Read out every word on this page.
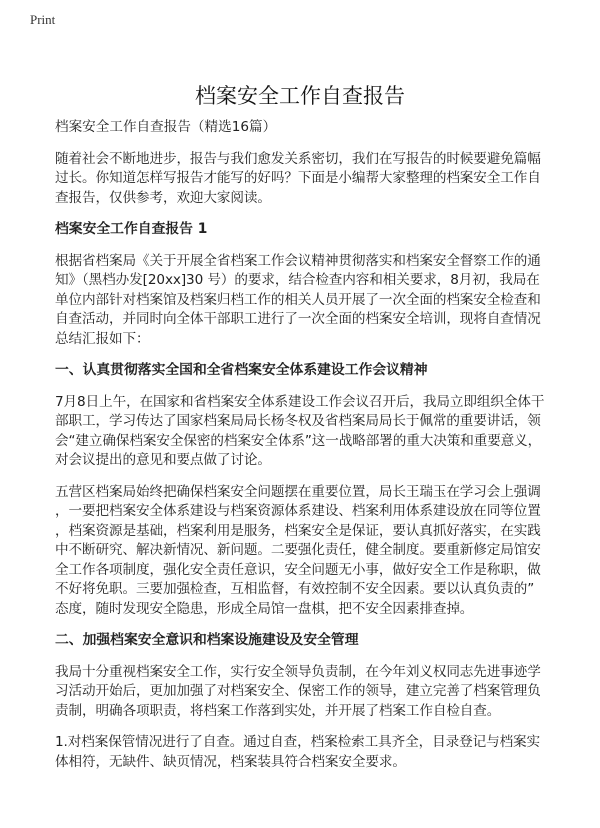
Print
档案安全工作自查报告
档案安全工作自查报告（精选16篇）
随着社会不断地进步，报告与我们愈发关系密切，我们在写报告的时候要避免篇幅
过长。你知道怎样写报告才能写的好吗？下面是小编帮大家整理的档案安全工作自
查报告，仅供参考，欢迎大家阅读。
档案安全工作自查报告 1
根据省档案局《关于开展全省档案工作会议精神贯彻落实和档案安全督察工作的通
知》（黑档办发[20xx]30 号）的要求，结合检查内容和相关要求，8月初，我局在
单位内部针对档案馆及档案归档工作的相关人员开展了一次全面的档案安全检查和
自查活动，并同时向全体干部职工进行了一次全面的档案安全培训，现将自查情况
总结汇报如下：
一、认真贯彻落实全国和全省档案安全体系建设工作会议精神
7月8日上午，在国家和省档案安全体系建设工作会议召开后，我局立即组织全体干
部职工，学习传达了国家档案局局长杨冬权及省档案局局长于佩常的重要讲话，领
会“建立确保档案安全保密的档案安全体系”这一战略部署的重大决策和重要意义，
对会议提出的意见和要点做了讨论。
五营区档案局始终把确保档案安全问题摆在重要位置，局长王瑞玉在学习会上强调
，一要把档案安全体系建设与档案资源体系建设、档案利用体系建设放在同等位置
，档案资源是基础，档案利用是服务，档案安全是保证，要认真抓好落实，在实践
中不断研究、解决新情况、新问题。二要强化责任，健全制度。要重新修定局馆安
全工作各项制度，强化安全责任意识，安全问题无小事，做好安全工作是称职，做
不好将免职。三要加强检查，互相监督，有效控制不安全因素。要以认真负责的”
态度，随时发现安全隐患，形成全局馆一盘棋，把不安全因素排查掉。
二、加强档案安全意识和档案设施建设及安全管理
我局十分重视档案安全工作，实行安全领导负责制，在今年刘义权同志先进事迹学
习活动开始后，更加加强了对档案安全、保密工作的领导，建立完善了档案管理负
责制，明确各项职责，将档案工作落到实处，并开展了档案工作自检自查。
1.对档案保管情况进行了自查。通过自查，档案检索工具齐全，目录登记与档案实
体相符，无缺件、缺页情况，档案装具符合档案安全要求。
